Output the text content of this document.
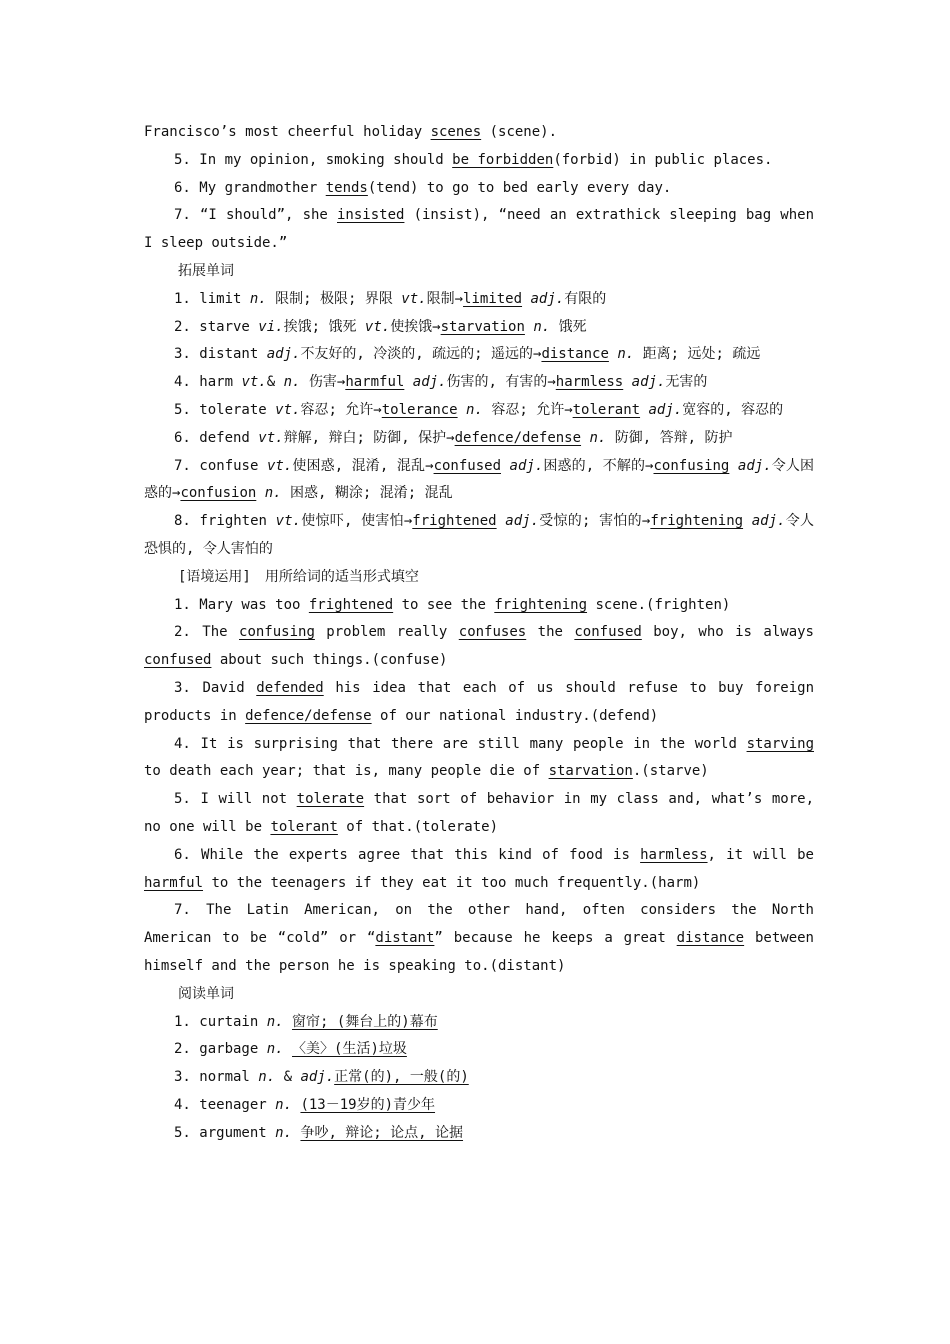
Francisco’s most cheerful holiday scenes (scene).
5. In my opinion, smoking should be forbidden(forbid) in public places.
6. My grandmother tends(tend) to go to bed early every day.
7. “I should”, she insisted (insist), “need an extrathick sleeping bag when I sleep outside.”
拓展单词
1. limit n. 限制; 极限; 界限 vt.限制→limited adj.有限的
2. starve vi.挨饿; 饿死 vt.使挨饿→starvation n. 饿死
3. distant adj.不友好的, 冷淡的, 疏远的; 遥远的→distance n. 距离; 远处; 疏远
4. harm vt.& n. 伤害→harmful adj.伤害的, 有害的→harmless adj.无害的
5. tolerate vt.容忍; 允许→tolerance n. 容忍; 允许→tolerant adj.宽容的, 容忍的
6. defend vt.辩解, 辩白; 防御, 保护→defence/defense n. 防御, 答辩, 防护
7. confuse vt.使困惑, 混淆, 混乱→confused adj.困惑的, 不解的→confusing adj.令人困惑的→confusion n. 困惑, 糊涂; 混淆; 混乱
8. frighten vt.使惊吓, 使害怕→frightened adj.受惊的; 害怕的→frightening adj.令人恐惧的, 令人害怕的
[语境运用]　用所给词的适当形式填空
1. Mary was too frightened to see the frightening scene.(frighten)
2. The confusing problem really confuses the confused boy, who is always confused about such things.(confuse)
3. David defended his idea that each of us should refuse to buy foreign products in defence/defense of our national industry.(defend)
4. It is surprising that there are still many people in the world starving to death each year; that is, many people die of starvation.(starve)
5. I will not tolerate that sort of behavior in my class and, what’s more, no one will be tolerant of that.(tolerate)
6. While the experts agree that this kind of food is harmless, it will be harmful to the teenagers if they eat it too much frequently.(harm)
7. The Latin American, on the other hand, often considers the North American to be “cold” or “distant” because he keeps a great distance between himself and the person he is speaking to.(distant)
阅读单词
1. curtain n. 窗帘; (舞台上的)幕布
2. garbage n. 〈美〉(生活)垃圾
3. normal n. & adj.正常(的), 一般(的)
4. teenager n. (13－19岁的)青少年
5. argument n. 争吵, 辩论; 论点, 论据
